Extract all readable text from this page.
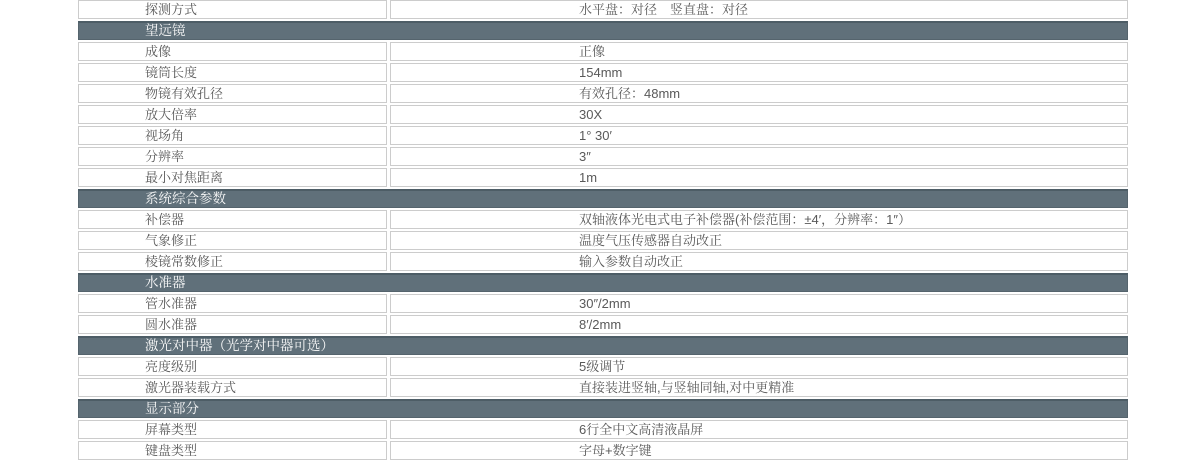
探测方式	水平盘：对径　竖直盘：对径
望远镜
成像	正像
镜筒长度	154mm
物镜有效孔径	有效孔径：48mm
放大倍率	30X
视场角	1° 30′
分辨率	3″
最小对焦距离	1m
系统综合参数
补偿器	双轴液体光电式电子补偿器(补偿范围：±4′，分辨率：1″）
气象修正	温度气压传感器自动改正
棱镜常数修正	输入参数自动改正
水准器
管水准器	30″/2mm
圆水准器	8′/2mm
激光对中器（光学对中器可选）
亮度级别	5级调节
激光器装载方式	直接装进竖轴,与竖轴同轴,对中更精准
显示部分
屏幕类型	6行全中文高清液晶屏
键盘类型	字母+数字键
